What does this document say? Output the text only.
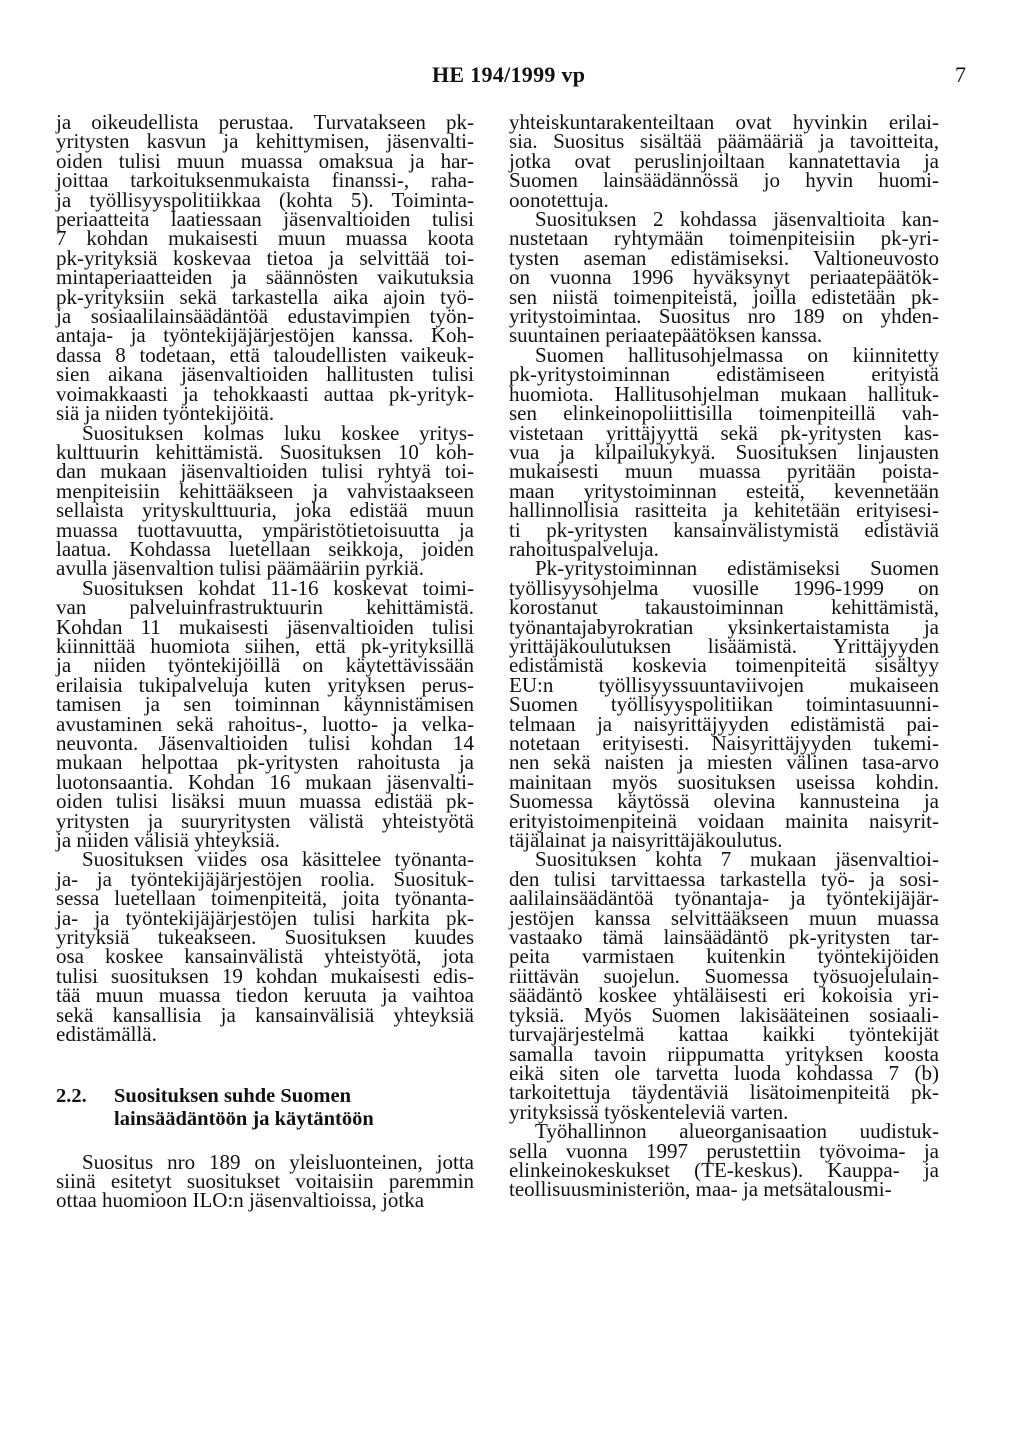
HE 194/1999 vp	7
ja oikeudellista perustaa. Turvatakseen pk-
yritysten kasvun ja kehittymisen, jäsenvalti-
oiden tulisi muun muassa omaksua ja har-
joittaa tarkoituksenmukaista finanssi-, raha-
ja työllisyyspolitiikkaa (kohta 5). Toiminta-
periaatteita laatiessaan jäsenvaltioiden tulisi
7 kohdan mukaisesti muun muassa koota
pk-yrityksiä koskevaa tietoa ja selvittää toi-
mintaperiaatteiden ja säännösten vaikutuksia
pk-yrityksiin sekä tarkastella aika ajoin työ-
ja sosiaalilainsäädäntöä edustavimpien työn-
antaja- ja työntekijäjärjestöjen kanssa. Koh-
dassa 8 todetaan, että taloudellisten vaikeuk-
sien aikana jäsenvaltioiden hallitusten tulisi
voimakkaasti ja tehokkaasti auttaa pk-yrityk-
siä ja niiden työntekijöitä.
Suosituksen kolmas luku koskee yritys-
kulttuurin kehittämistä. Suosituksen 10 koh-
dan mukaan jäsenvaltioiden tulisi ryhtyä toi-
menpiteisiin kehittääkseen ja vahvistaakseen
sellaista yrityskulttuuria, joka edistää muun
muassa tuottavuutta, ympäristötietoisuutta ja
laatua. Kohdassa luetellaan seikkoja, joiden
avulla jäsenvaltion tulisi päämääriin pyrkiä.
Suosituksen kohdat 11-16 koskevat toimi-
van palveluinfrastruktuurin kehittämistä.
Kohdan 11 mukaisesti jäsenvaltioiden tulisi
kiinnittää huomiota siihen, että pk-yrityksillä
ja niiden työntekijöillä on käytettävissään
erilaisia tukipalveluja kuten yrityksen perus-
tamisen ja sen toiminnan käynnistämisen
avustaminen sekä rahoitus-, luotto- ja velka-
neuvonta. Jäsenvaltioiden tulisi kohdan 14
mukaan helpottaa pk-yritysten rahoitusta ja
luotonsaantia. Kohdan 16 mukaan jäsenvalti-
oiden tulisi lisäksi muun muassa edistää pk-
yritysten ja suuryritysten välistä yhteistyötä
ja niiden välisiä yhteyksiä.
Suosituksen viides osa käsittelee työnanta-
ja- ja työntekijäjärjestöjen roolia. Suosituk-
sessa luetellaan toimenpiteitä, joita työnanta-
ja- ja työntekijäjärjestöjen tulisi harkita pk-
yrityksiä tukeakseen. Suosituksen kuudes
osa koskee kansainvälistä yhteistyötä, jota
tulisi suosituksen 19 kohdan mukaisesti edis-
tää muun muassa tiedon keruuta ja vaihtoa
sekä kansallisia ja kansainvälisiä yhteyksiä
edistämällä.
2.2.	Suosituksen suhde Suomen
lainsäädäntöön ja käytäntöön
Suositus nro 189 on yleisluonteinen, jotta
siinä esitetyt suositukset voitaisiin paremmin
ottaa huomioon ILO:n jäsenvaltioissa, jotka
yhteiskuntarakenteiltaan ovat hyvinkin erilai-
sia. Suositus sisältää päämääriä ja tavoitteita,
jotka ovat peruslinjoiltaan kannatettavia ja
Suomen lainsäädännössä jo hyvin huomi-
oonotettuja.
Suosituksen 2 kohdassa jäsenvaltioita kan-
nustetaan ryhtymään toimenpiteisiin pk-yri-
tysten aseman edistämiseksi. Valtioneuvosto
on vuonna 1996 hyväksynyt periaatepäätök-
sen niistä toimenpiteistä, joilla edistetään pk-
yritystoimintaa. Suositus nro 189 on yhden-
suuntainen periaatepäätöksen kanssa.
Suomen hallitusohjelmassa on kiinnitetty
pk-yritystoiminnan edistämiseen erityistä
huomiota. Hallitusohjelman mukaan hallituk-
sen elinkeinopoliittisilla toimenpiteillä vah-
vistetaan yrittäjyyttä sekä pk-yritysten kas-
vua ja kilpailukykyä. Suosituksen linjausten
mukaisesti muun muassa pyritään poista-
maan yritystoiminnan esteitä, kevennetään
hallinnollisia rasitteita ja kehitetään erityisesi-
ti pk-yritysten kansainvälistymistä edistäviä
rahoituspalveluja.
Pk-yritystoiminnan edistämiseksi Suomen
työllisyysohjelma vuosille 1996-1999 on
korostanut takaustoiminnan kehittämistä,
työnantajabyrokratian yksinkertaistamista ja
yrittäjäkoulutuksen lisäämistä. Yrittäjyyden
edistämistä koskevia toimenpiteitä sisältyy
EU:n työllisyyssuuntaviivojen mukaiseen
Suomen työllisyyspolitiikan toimintasuunni-
telmaan ja naisyrittäjyyden edistämistä pai-
notetaan erityisesti. Naisyrittäjyyden tukemi-
nen sekä naisten ja miesten välinen tasa-arvo
mainitaan myös suosituksen useissa kohdin.
Suomessa käytössä olevina kannusteina ja
erityistoimenpiteinä voidaan mainita naisyrit-
täjälainat ja naisyrittäjäkoulutus.
Suosituksen kohta 7 mukaan jäsenvaltioi-
den tulisi tarvittaessa tarkastella työ- ja sosi-
aalilainsäädäntöä työnantaja- ja työntekijäjär-
jestöjen kanssa selvittääkseen muun muassa
vastaako tämä lainsäädäntö pk-yritysten tar-
peita varmistaen kuitenkin työntekijöiden
riittävän suojelun. Suomessa työsuojelulain-
säädäntö koskee yhtäläisesti eri kokoisia yri-
tyksiä. Myös Suomen lakisääteinen sosiaali-
turvajärjestelmä kattaa kaikki työntekijät
samalla tavoin riippumatta yrityksen koosta
eikä siten ole tarvetta luoda kohdassa 7 (b)
tarkoitettuja täydentäviä lisätoimenpiteitä pk-
yrityksissä työskenteleviä varten.
Työhallinnon alueorganisaation uudistuk-
sella vuonna 1997 perustettiin työvoima- ja
elinkeinokeskukset (TE-keskus). Kauppa- ja
teollisuusministeriön, maa- ja metsätalousmi-
